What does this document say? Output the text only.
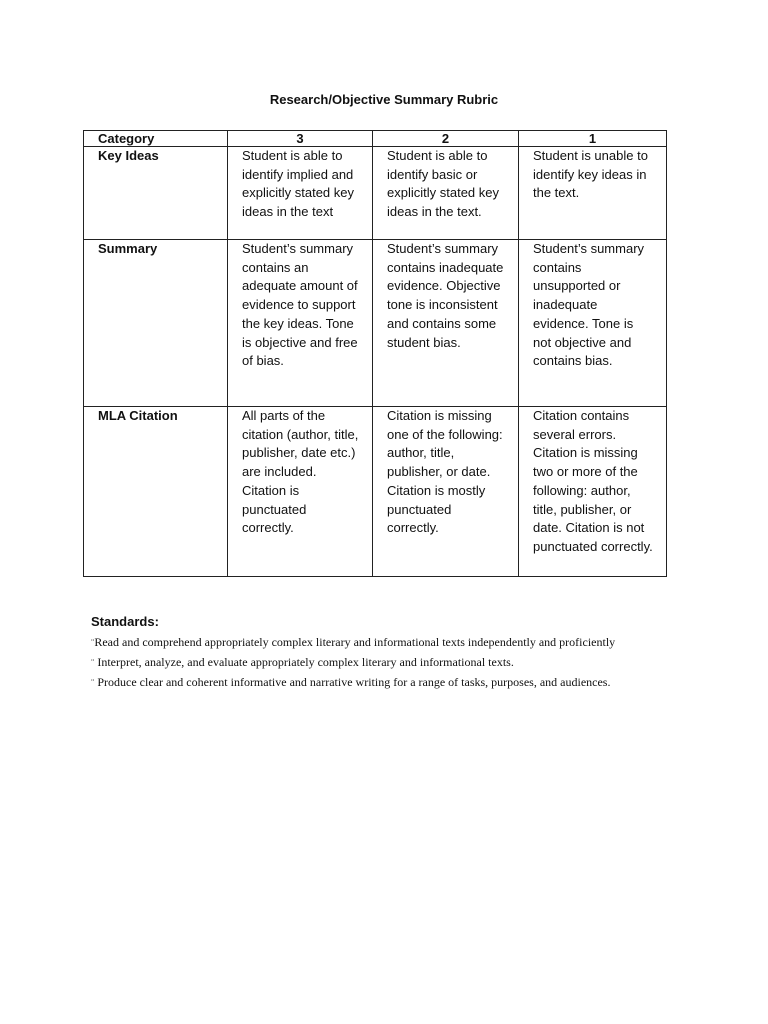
Research/Objective Summary Rubric
Category	3	2	1
Key Ideas	Student is able to identify implied and explicitly stated key ideas in the text	Student is able to identify basic or explicitly stated key ideas in the text.	Student is unable to identify key ideas in the text.
Summary	Student’s summary contains an adequate amount of evidence to support the key ideas. Tone is objective and free of bias.	Student’s summary contains inadequate evidence. Objective tone is inconsistent and contains some student bias.	Student’s summary contains unsupported or inadequate evidence. Tone is not objective and contains bias.
MLA Citation	All parts of the citation (author, title, publisher, date etc.) are included. Citation is punctuated correctly.	Citation is missing one of the following: author, title, publisher, or date. Citation is mostly punctuated correctly.	Citation contains several errors. Citation is missing two or more of the following: author, title, publisher, or date. Citation is not punctuated correctly.
Standards:

¨Read and comprehend appropriately complex literary and informational texts independently and proficiently

¨ Interpret, analyze, and evaluate appropriately complex literary and informational texts.

¨ Produce clear and coherent informative and narrative writing for a range of tasks, purposes, and audiences.
